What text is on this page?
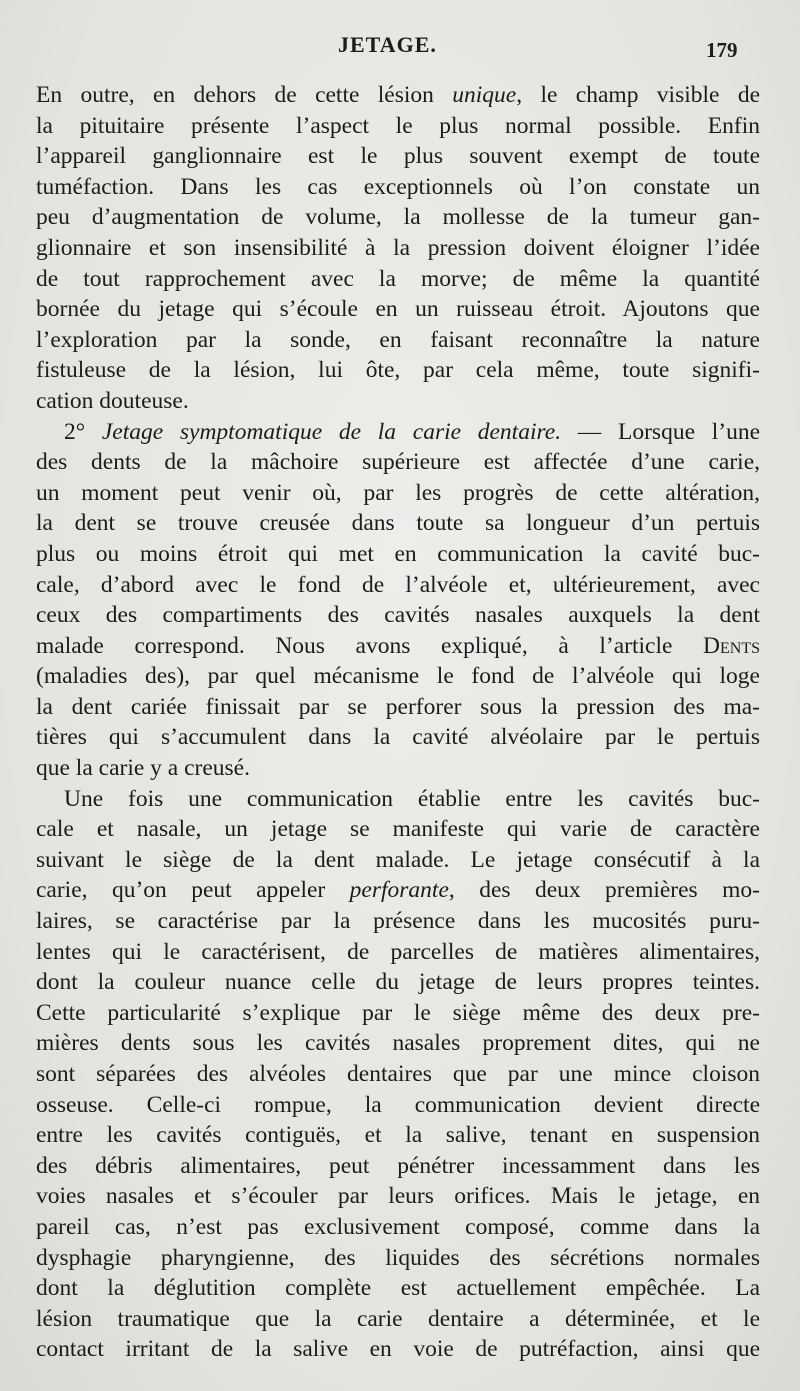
JETAGE.	179
En outre, en dehors de cette lésion unique, le champ visible de
la pituitaire présente l’aspect le plus normal possible. Enfin
l’appareil ganglionnaire est le plus souvent exempt de toute
tuméfaction. Dans les cas exceptionnels où l’on constate un
peu d’augmentation de volume, la mollesse de la tumeur gan-
glionnaire et son insensibilité à la pression doivent éloigner l’idée
de tout rapprochement avec la morve; de même la quantité
bornée du jetage qui s’écoule en un ruisseau étroit. Ajoutons que
l’exploration par la sonde, en faisant reconnaître la nature
fistuleuse de la lésion, lui ôte, par cela même, toute signifi-
cation douteuse.
2° Jetage symptomatique de la carie dentaire. — Lorsque l’une
des dents de la mâchoire supérieure est affectée d’une carie,
un moment peut venir où, par les progrès de cette altération,
la dent se trouve creusée dans toute sa longueur d’un pertuis
plus ou moins étroit qui met en communication la cavité buc-
cale, d’abord avec le fond de l’alvéole et, ultérieurement, avec
ceux des compartiments des cavités nasales auxquels la dent
malade correspond. Nous avons expliqué, à l’article Dents
(maladies des), par quel mécanisme le fond de l’alvéole qui loge
la dent cariée finissait par se perforer sous la pression des ma-
tières qui s’accumulent dans la cavité alvéolaire par le pertuis
que la carie y a creusé.
Une fois une communication établie entre les cavités buc-
cale et nasale, un jetage se manifeste qui varie de caractère
suivant le siège de la dent malade. Le jetage consécutif à la
carie, qu’on peut appeler perforante, des deux premières mo-
laires, se caractérise par la présence dans les mucosités puru-
lentes qui le caractérisent, de parcelles de matières alimentaires,
dont la couleur nuance celle du jetage de leurs propres teintes.
Cette particularité s’explique par le siège même des deux pre-
mières dents sous les cavités nasales proprement dites, qui ne
sont séparées des alvéoles dentaires que par une mince cloison
osseuse. Celle-ci rompue, la communication devient directe
entre les cavités contiguës, et la salive, tenant en suspension
des débris alimentaires, peut pénétrer incessamment dans les
voies nasales et s’écouler par leurs orifices. Mais le jetage, en
pareil cas, n’est pas exclusivement composé, comme dans la
dysphagie pharyngienne, des liquides des sécrétions normales
dont la déglutition complète est actuellement empêchée. La
lésion traumatique que la carie dentaire a déterminée, et le
contact irritant de la salive en voie de putréfaction, ainsi que
